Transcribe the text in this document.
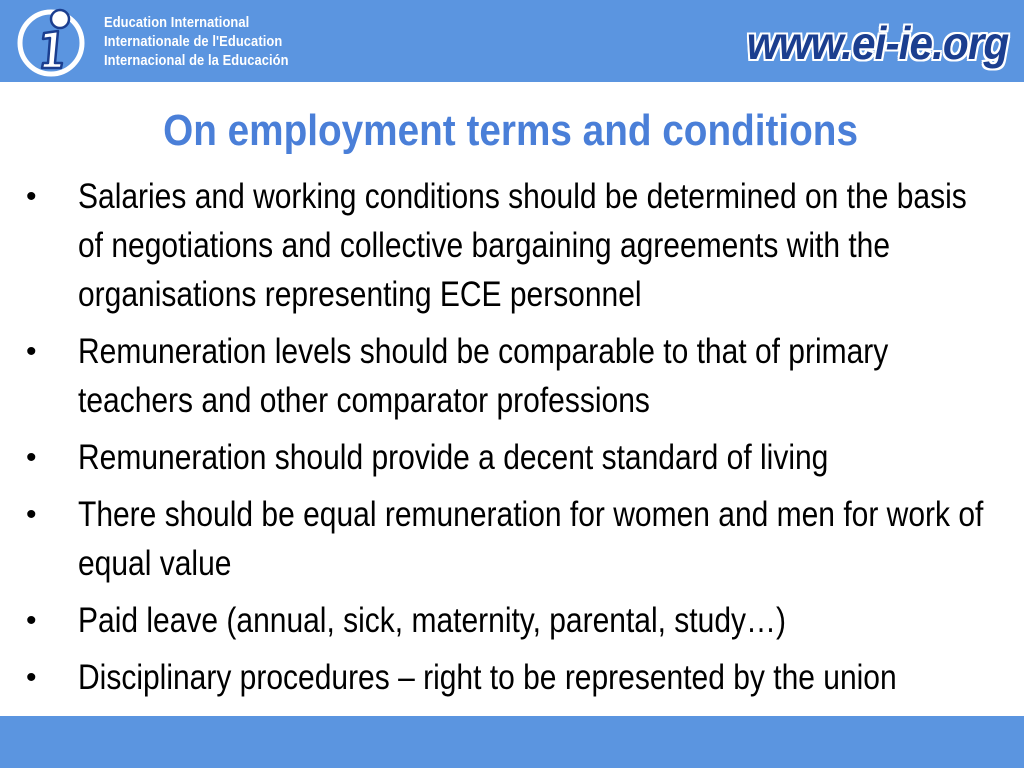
Education International
Internationale de l'Education
Internacional de la Educación	www.ei-ie.org
On employment terms and conditions
• Salaries and working conditions should be determined on the basis of negotiations and collective bargaining agreements with the organisations representing ECE personnel
• Remuneration levels should be comparable to that of primary teachers and other comparator professions
• Remuneration should provide a decent standard of living
• There should be equal remuneration for women and men for work of equal value
• Paid leave (annual, sick, maternity, parental, study…)
• Disciplinary procedures – right to be represented by the union
